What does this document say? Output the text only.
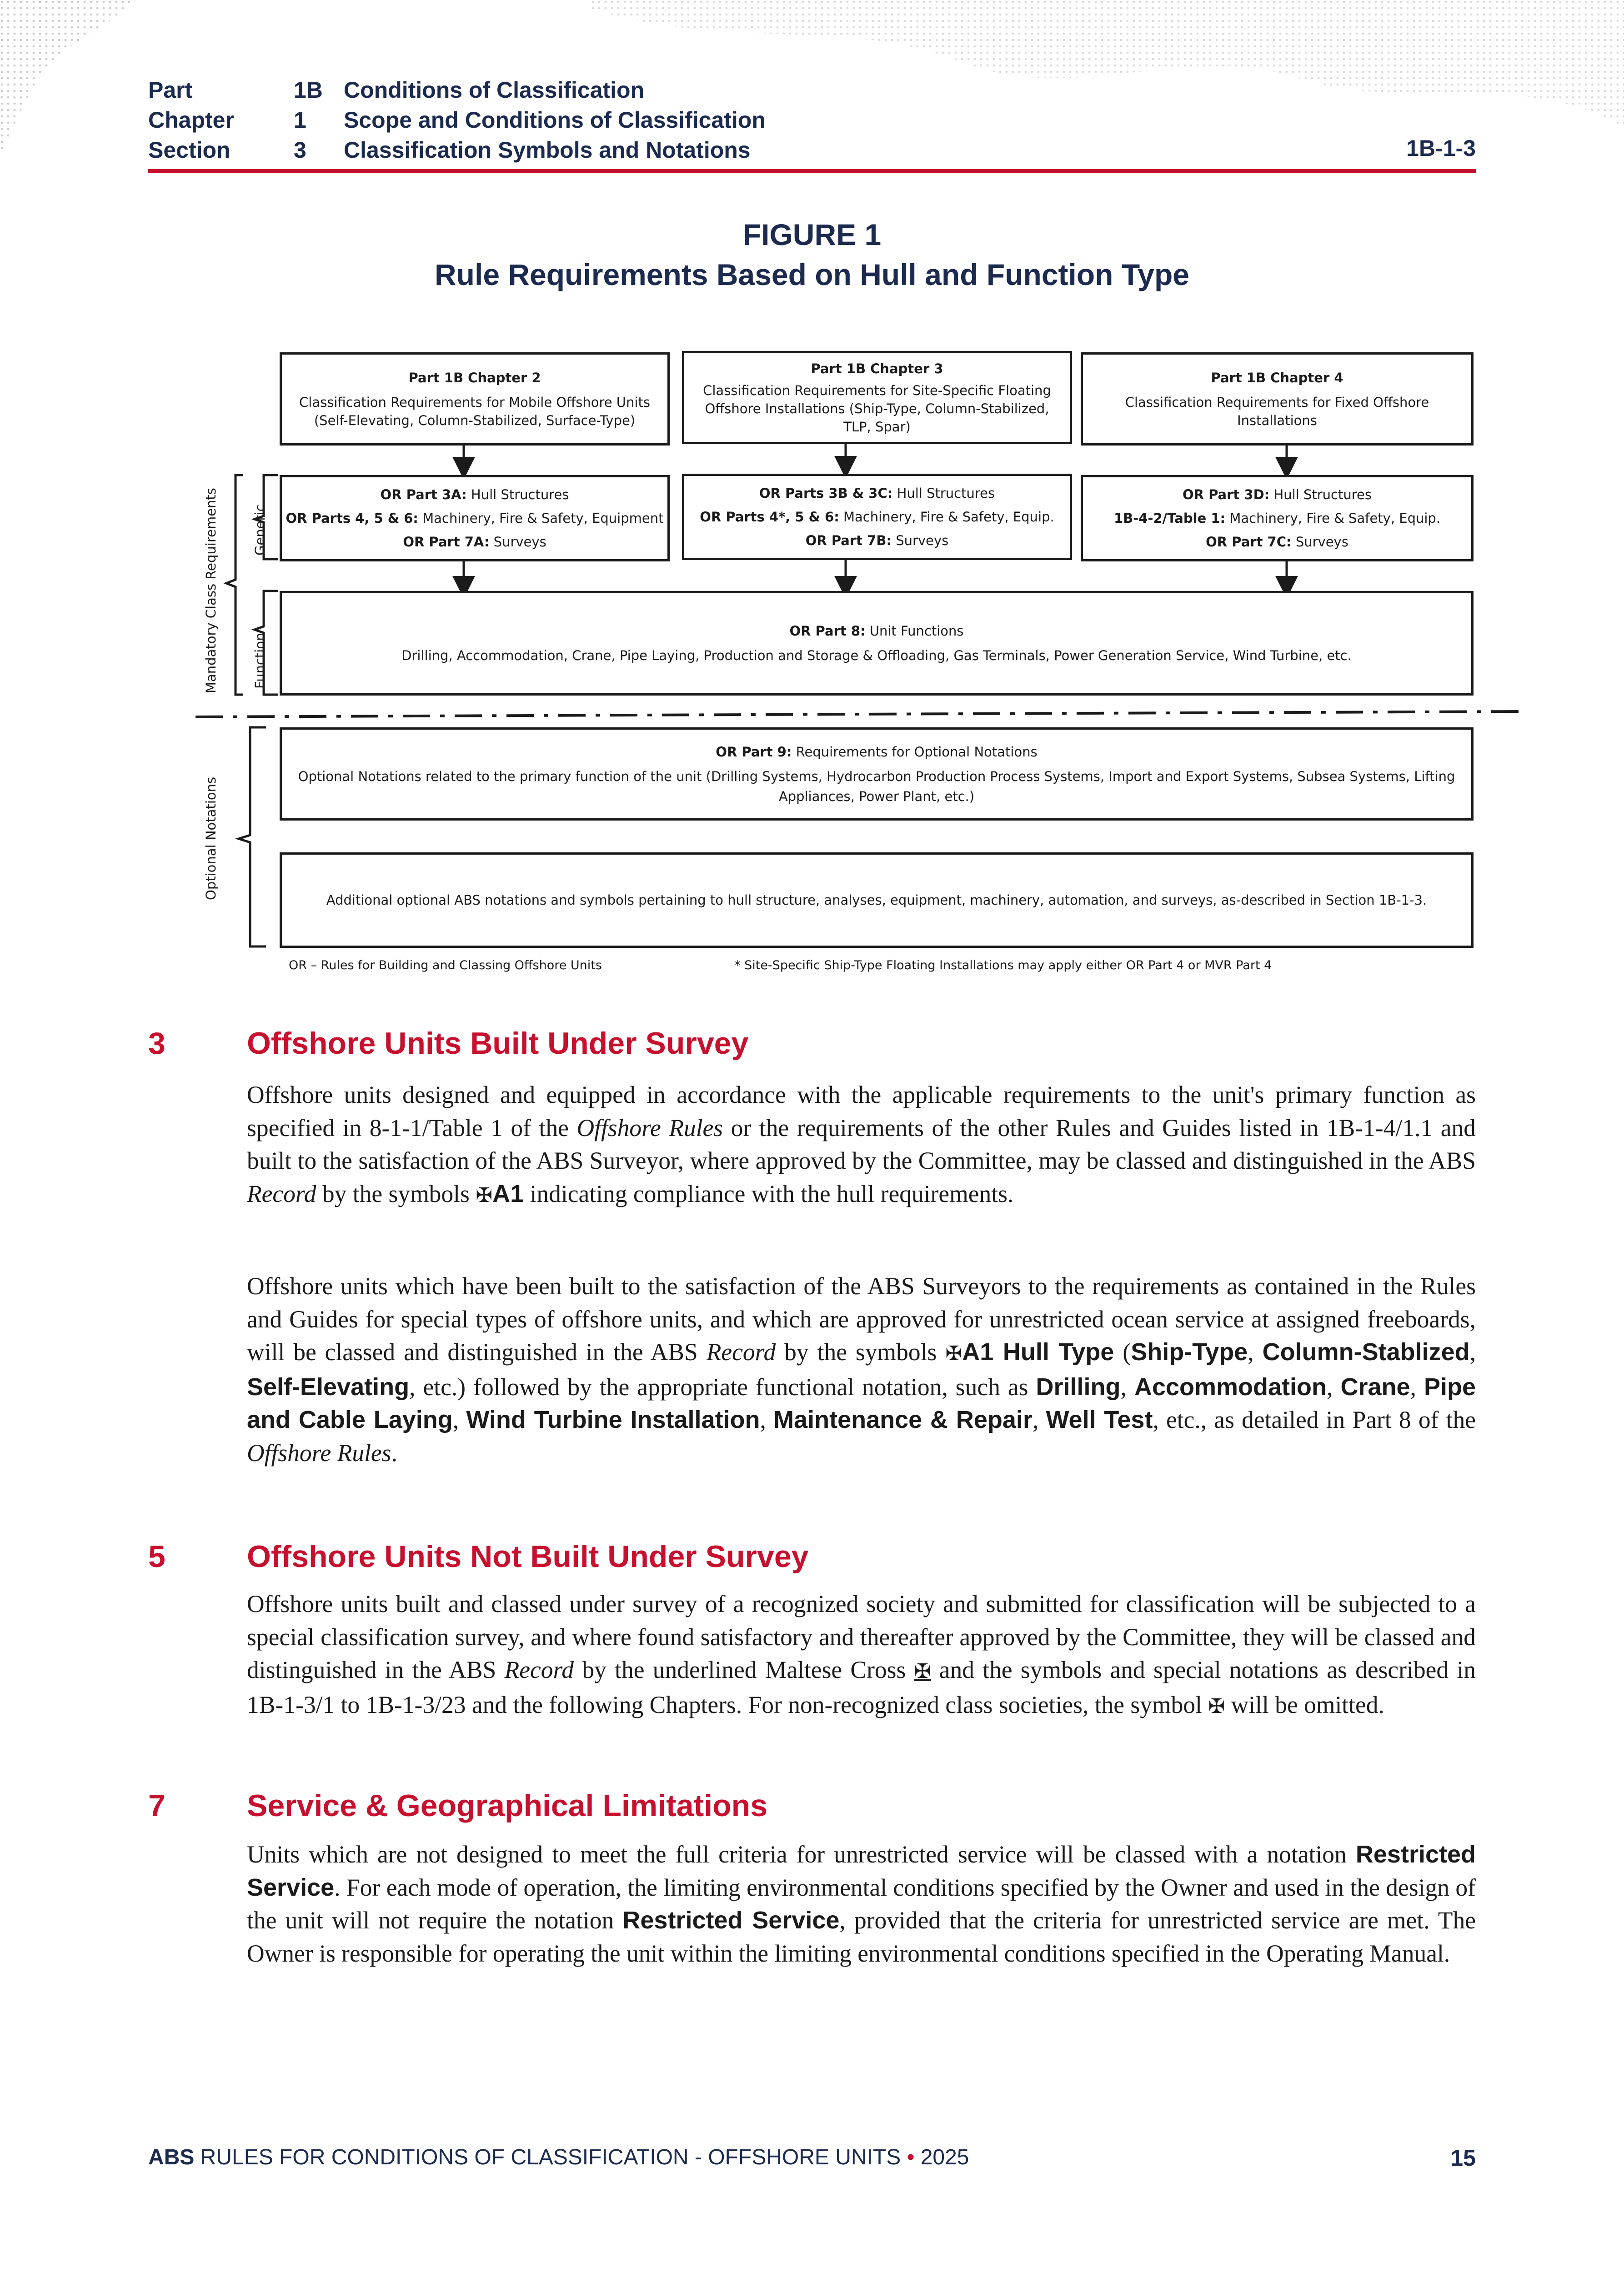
Part	1B	Conditions of Classification
Chapter	1	Scope and Conditions of Classification
Section	3	Classification Symbols and Notations	1B-1-3
FIGURE 1
Rule Requirements Based on Hull and Function Type
Part 1B Chapter 2
Classification Requirements for Mobile Offshore Units (Self-Elevating, Column-Stabilized, Surface-Type)
Part 1B Chapter 3
Classification Requirements for Site-Specific Floating Offshore Installations (Ship-Type, Column-Stabilized, TLP, Spar)
Part 1B Chapter 4
Classification Requirements for Fixed Offshore Installations
OR Part 3A: Hull Structures
OR Parts 4, 5 & 6: Machinery, Fire & Safety, Equipment
OR Part 7A: Surveys
OR Parts 3B & 3C: Hull Structures
OR Parts 4*, 5 & 6: Machinery, Fire & Safety, Equip.
OR Part 7B: Surveys
OR Part 3D: Hull Structures
1B-4-2/Table 1: Machinery, Fire & Safety, Equip.
OR Part 7C: Surveys
OR Part 8: Unit Functions
Drilling, Accommodation, Crane, Pipe Laying, Production and Storage & Offloading, Gas Terminals, Power Generation Service, Wind Turbine, etc.
OR Part 9: Requirements for Optional Notations
Optional Notations related to the primary function of the unit (Drilling Systems, Hydrocarbon Production Process Systems, Import and Export Systems, Subsea Systems, Lifting Appliances, Power Plant, etc.)
Additional optional ABS notations and symbols pertaining to hull structure, analyses, equipment, machinery, automation, and surveys, as-described in Section 1B-1-3.
Mandatory Class Requirements	Generic
Function
Optional Notations
OR – Rules for Building and Classing Offshore Units	* Site-Specific Ship-Type Floating Installations may apply either OR Part 4 or MVR Part 4
3	Offshore Units Built Under Survey
Offshore units designed and equipped in accordance with the applicable requirements to the unit's primary function as specified in 8-1-1/Table 1 of the Offshore Rules or the requirements of the other Rules and Guides listed in 1B-1-4/1.1 and built to the satisfaction of the ABS Surveyor, where approved by the Committee, may be classed and distinguished in the ABS Record by the symbols ✠A1 indicating compliance with the hull requirements.
Offshore units which have been built to the satisfaction of the ABS Surveyors to the requirements as contained in the Rules and Guides for special types of offshore units, and which are approved for unrestricted ocean service at assigned freeboards, will be classed and distinguished in the ABS Record by the symbols ✠A1 Hull Type (Ship-Type, Column-Stablized, Self-Elevating, etc.) followed by the appropriate functional notation, such as Drilling, Accommodation, Crane, Pipe and Cable Laying, Wind Turbine Installation, Maintenance & Repair, Well Test, etc., as detailed in Part 8 of the Offshore Rules.
5	Offshore Units Not Built Under Survey
Offshore units built and classed under survey of a recognized society and submitted for classification will be subjected to a special classification survey, and where found satisfactory and thereafter approved by the Committee, they will be classed and distinguished in the ABS Record by the underlined Maltese Cross ✠ and the symbols and special notations as described in 1B-1-3/1 to 1B-1-3/23 and the following Chapters. For non-recognized class societies, the symbol ✠ will be omitted.
7	Service & Geographical Limitations
Units which are not designed to meet the full criteria for unrestricted service will be classed with a notation Restricted Service. For each mode of operation, the limiting environmental conditions specified by the Owner and used in the design of the unit will not require the notation Restricted Service, provided that the criteria for unrestricted service are met. The Owner is responsible for operating the unit within the limiting environmental conditions specified in the Operating Manual.
ABS RULES FOR CONDITIONS OF CLASSIFICATION - OFFSHORE UNITS • 2025	15
